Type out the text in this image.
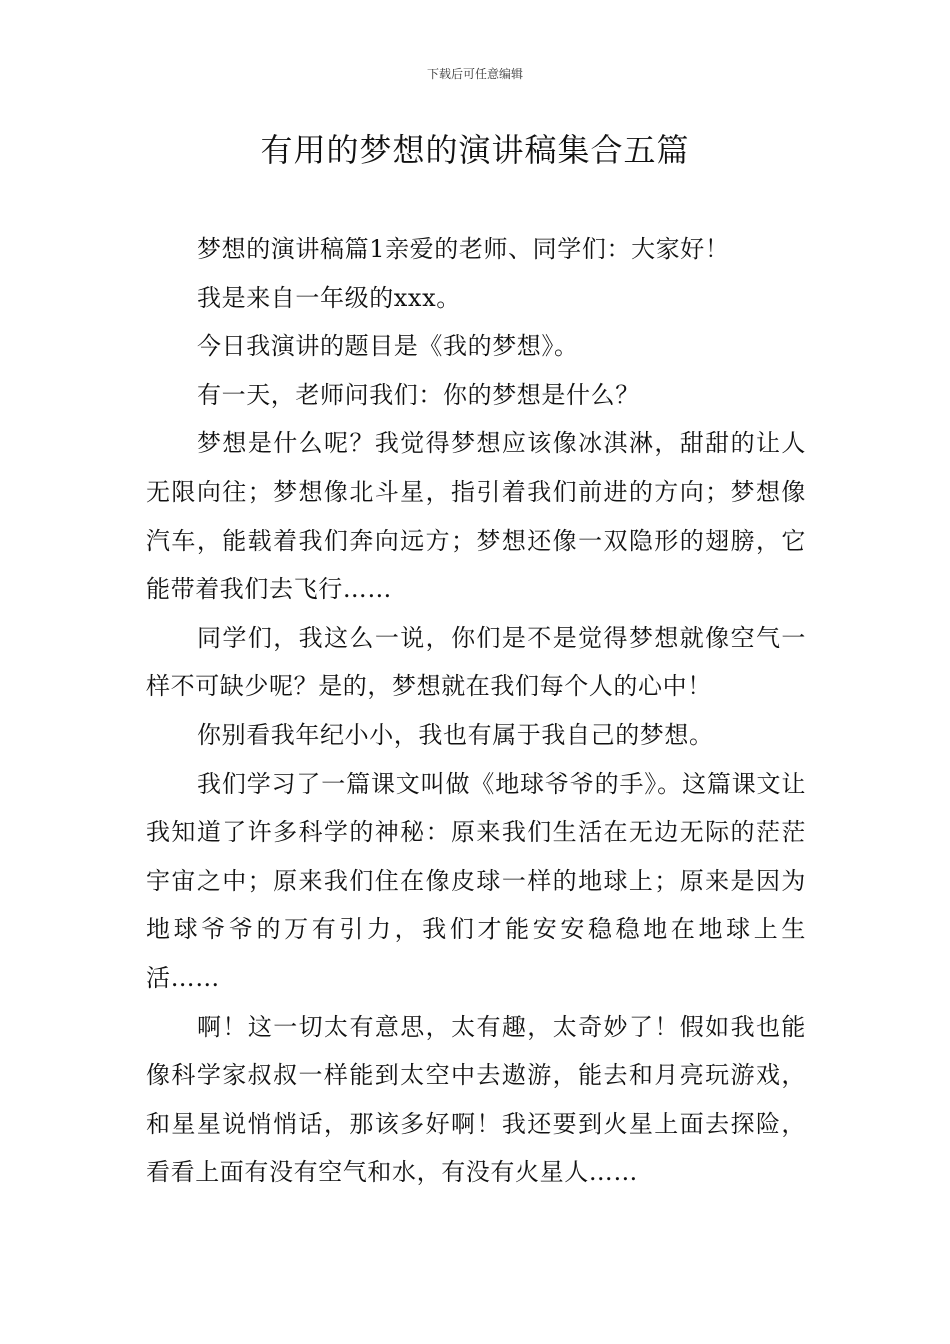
下载后可任意编辑
有用的梦想的演讲稿集合五篇

梦想的演讲稿篇1亲爱的老师、同学们：大家好！

我是来自一年级的xxx。

今日我演讲的题目是《我的梦想》。

有一天，老师问我们：你的梦想是什么？

梦想是什么呢？我觉得梦想应该像冰淇淋，甜甜的让人无限向往；梦想像北斗星，指引着我们前进的方向；梦想像汽车，能载着我们奔向远方；梦想还像一双隐形的翅膀，它能带着我们去飞行……

同学们，我这么一说，你们是不是觉得梦想就像空气一样不可缺少呢？是的，梦想就在我们每个人的心中！

你别看我年纪小小，我也有属于我自己的梦想。

我们学习了一篇课文叫做《地球爷爷的手》。这篇课文让我知道了许多科学的神秘：原来我们生活在无边无际的茫茫宇宙之中；原来我们住在像皮球一样的地球上；原来是因为地球爷爷的万有引力，我们才能安安稳稳地在地球上生活……

啊！这一切太有意思，太有趣，太奇妙了！假如我也能像科学家叔叔一样能到太空中去遨游，能去和月亮玩游戏，和星星说悄悄话，那该多好啊！我还要到火星上面去探险，看看上面有没有空气和水，有没有火星人……
